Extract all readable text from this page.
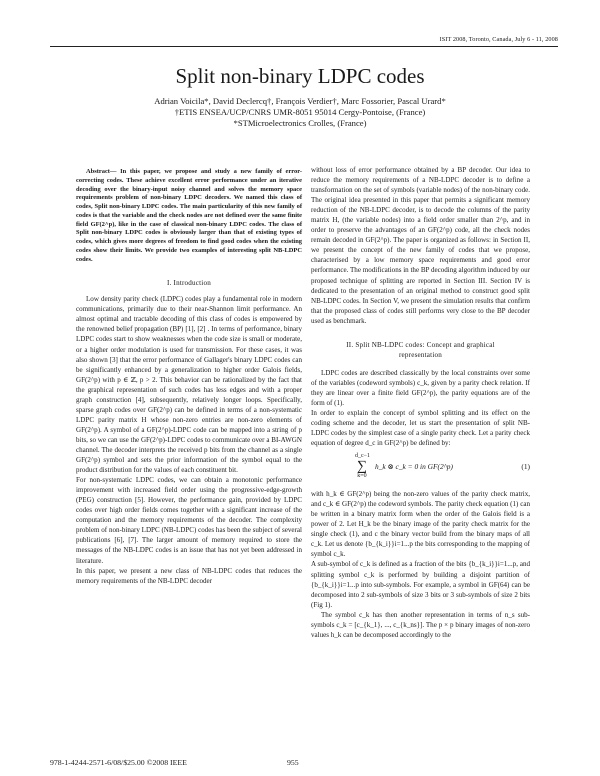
ISIT 2008, Toronto, Canada, July 6 - 11, 2008
Split non-binary LDPC codes
Adrian Voicila*, David Declercq†, François Verdier†, Marc Fossorier, Pascal Urard*
†ETIS ENSEA/UCP/CNRS UMR-8051 95014 Cergy-Pontoise, (France)
*STMicroelectronics Crolles, (France)

Abstract— In this paper, we propose and study a new family of error-correcting codes. These achieve excellent error performance under an iterative decoding over the binary-input noisy channel and solves the memory space requirements problem of non-binary LDPC decoders. We named this class of codes, Split non-binary LDPC codes. The main particularity of this new family of codes is that the variable and the check nodes are not defined over the same finite field GF(2^p), like in the case of classical non-binary LDPC codes. The class of Split non-binary LDPC codes is obviously larger than that of existing types of codes, which gives more degrees of freedom to find good codes when the existing codes show their limits. We provide two examples of interesting split NB-LDPC codes.

I. Introduction

Low density parity check (LDPC) codes play a fundamental role in modern communications, primarily due to their near-Shannon limit performance. An almost optimal and tractable decoding of this class of codes is empowered by the renowned belief propagation (BP) [1], [2] . In terms of performance, binary LDPC codes start to show weaknesses when the code size is small or moderate, or a higher order modulation is used for transmission. For these cases, it was also shown [3] that the error performance of Gallager's binary LDPC codes can be significantly enhanced by a generalization to higher order Galois fields, GF(2^p) with p ∈ ℤ, p > 2. This behavior can be rationalized by the fact that the graphical representation of such codes has less edges and with a proper graph construction [4], subsequently, relatively longer loops. Specifically, sparse graph codes over GF(2^p) can be defined in terms of a non-systematic LDPC parity matrix H whose non-zero entries are non-zero elements of GF(2^p). A symbol of a GF(2^p)-LDPC code can be mapped into a string of p bits, so we can use the GF(2^p)-LDPC codes to communicate over a BI-AWGN channel. The decoder interprets the received p bits from the channel as a single GF(2^p) symbol and sets the prior information of the symbol equal to the product distribution for the values of each constituent bit.

For non-systematic LDPC codes, we can obtain a monotonic performance improvement with increased field order using the progressive-edge-growth (PEG) construction [5]. However, the performance gain, provided by LDPC codes over high order fields comes together with a significant increase of the computation and the memory requirements of the decoder. The complexity problem of non-binary LDPC (NB-LDPC) codes has been the subject of several publications [6], [7]. The larger amount of memory required to store the messages of the NB-LDPC codes is an issue that has not yet been addressed in literature.

In this paper, we present a new class of NB-LDPC codes that reduces the memory requirements of the NB-LDPC decoder

without loss of error performance obtained by a BP decoder. Our idea to reduce the memory requirements of a NB-LDPC decoder is to define a transformation on the set of symbols (variable nodes) of the non-binary code. The original idea presented in this paper that permits a significant memory reduction of the NB-LDPC decoder, is to decode the columns of the parity matrix H, (the variable nodes) into a field order smaller than 2^p, and in order to preserve the advantages of an GF(2^p) code, all the check nodes remain decoded in GF(2^p). The paper is organized as follows: in Section II, we present the concept of the new family of codes that we propose, characterised by a low memory space requirements and good error performance. The modifications in the BP decoding algorithm induced by our proposed technique of splitting are reported in Section III. Section IV is dedicated to the presentation of an original method to construct good split NB-LDPC codes. In Section V, we present the simulation results that confirm that the proposed class of codes still performs very close to the BP decoder used as benchmark.

II. Split NB-LDPC codes: Concept and graphical
representation

LDPC codes are described classically by the local constraints over some of the variables (codeword symbols) c_k, given by a parity check relation. If they are linear over a finite field GF(2^p), the parity equations are of the form of (1).

In order to explain the concept of symbol splitting and its effect on the coding scheme and the decoder, let us start the presentation of split NB-LDPC codes by the simplest case of a single parity check. Let a parity check equation of degree d_c in GF(2^p) be defined by:

d_c−1
∑
k=0
h_k ⊗ c_k = 0 in GF(2^p)	(1)

with h_k ∈ GF(2^p) being the non-zero values of the parity check matrix, and c_k ∈ GF(2^p) the codeword symbols. The parity check equation (1) can be written in a binary matrix form when the order of the Galois field is a power of 2. Let H_k be the binary image of the parity check matrix for the single check (1), and c the binary vector build from the binary maps of all c_k. Let us denote {b_{k_i}}i=1...p the bits corresponding to the mapping of symbol c_k.

A sub-symbol of c_k is defined as a fraction of the bits {b_{k_i}}i=1...p, and splitting symbol c_k is performed by building a disjoint partition of {b_{k_i}}i=1...p into sub-symbols. For example, a symbol in GF(64) can be decomposed into 2 sub-symbols of size 3 bits or 3 sub-symbols of size 2 bits (Fig 1).

The symbol c_k has then another representation in terms of n_s sub-symbols c_k = [c_{k_1}, ..., c_{k_ns}]. The p × p binary images of non-zero values h_k can be decomposed accordingly to the

978-1-4244-2571-6/08/$25.00 ©2008 IEEE	955
